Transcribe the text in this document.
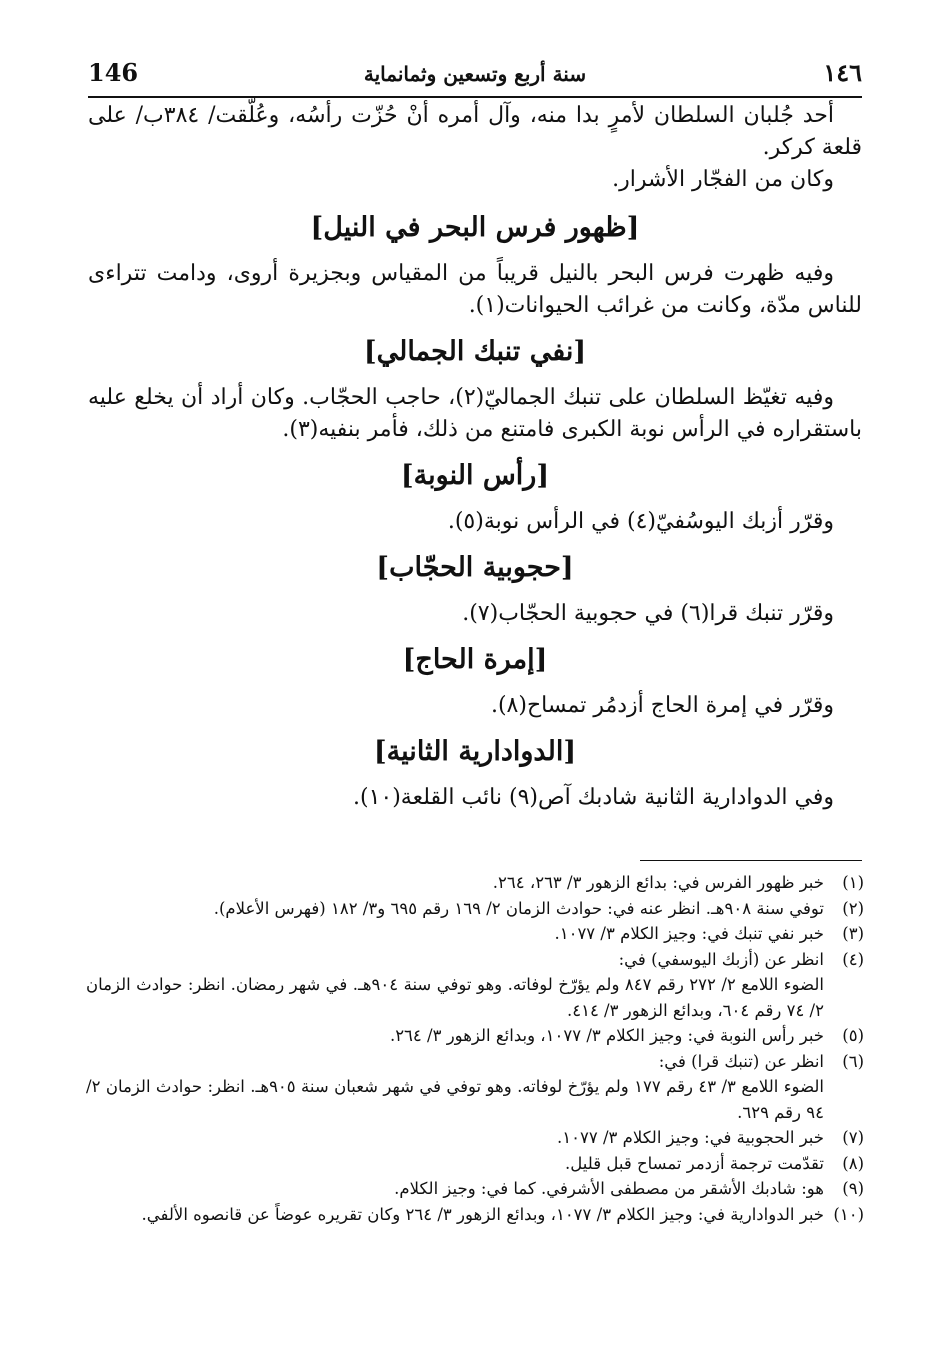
146	سنة أربع وتسعين وثمانماية	١٤٦

أحد جُلبان السلطان لأمرٍ بدا منه، وآل أمره أنْ حُزّت رأسُه، وعُلّقت/ ٣٨٤ب/ على قلعة كركر.

وكان من الفجّار الأشرار.

[ظهور فرس البحر في النيل]

وفيه ظهرت فرس البحر بالنيل قريباً من المقياس وبجزيرة أروى، ودامت تتراءى للناس مدّة، وكانت من غرائب الحيوانات(١).

[نفي تنبك الجمالي]

وفيه تغيّظ السلطان على تنبك الجماليّ(٢)، حاجب الحجّاب. وكان أراد أن يخلع عليه باستقراره في الرأس نوبة الكبرى فامتنع من ذلك، فأمر بنفيه(٣).

[رأس النوبة]

وقرّر أزبك اليوسُفيّ(٤) في الرأس نوبة(٥).

[حجوبية الحجّاب]

وقرّر تنبك قرا(٦) في حجوبية الحجّاب(٧).

[إمرة الحاج]

وقرّر في إمرة الحاج أزدمُر تمساح(٨).

[الدوادارية الثانية]

وفي الدوادارية الثانية شادبك آص(٩) نائب القلعة(١٠).

(١)
خبر ظهور الفرس في: بدائع الزهور ٣/ ٢٦٣، ٢٦٤.
(٢)
توفي سنة ٩٠٨هـ. انظر عنه في: حوادث الزمان ٢/ ١٦٩ رقم ٦٩٥ و٣/ ١٨٢ (فهرس الأعلام).
(٣)
خبر نفي تنبك في: وجيز الكلام ٣/ ١٠٧٧.
(٤)
انظر عن (أزبك اليوسفي) في:
الضوء اللامع ٢/ ٢٧٢ رقم ٨٤٧ ولم يؤرّخ لوفاته. وهو توفي سنة ٩٠٤هـ. في شهر رمضان. انظر: حوادث الزمان ٢/ ٧٤ رقم ٦٠٤، وبدائع الزهور ٣/ ٤١٤.
(٥)
خبر رأس النوبة في: وجيز الكلام ٣/ ١٠٧٧، وبدائع الزهور ٣/ ٢٦٤.
(٦)
انظر عن (تنبك قرا) في:
الضوء اللامع ٣/ ٤٣ رقم ١٧٧ ولم يؤرّخ لوفاته. وهو توفي في شهر شعبان سنة ٩٠٥هـ. انظر: حوادث الزمان ٢/ ٩٤ رقم ٦٢٩.
(٧)
خبر الحجوبية في: وجيز الكلام ٣/ ١٠٧٧.
(٨)
تقدّمت ترجمة أزدمر تمساح قبل قليل.
(٩)
هو: شادبك الأشقر من مصطفى الأشرفي. كما في: وجيز الكلام.
(١٠)
خبر الدوادارية في: وجيز الكلام ٣/ ١٠٧٧، وبدائع الزهور ٣/ ٢٦٤ وكان تقريره عوضاً عن قانصوه الألفي.
